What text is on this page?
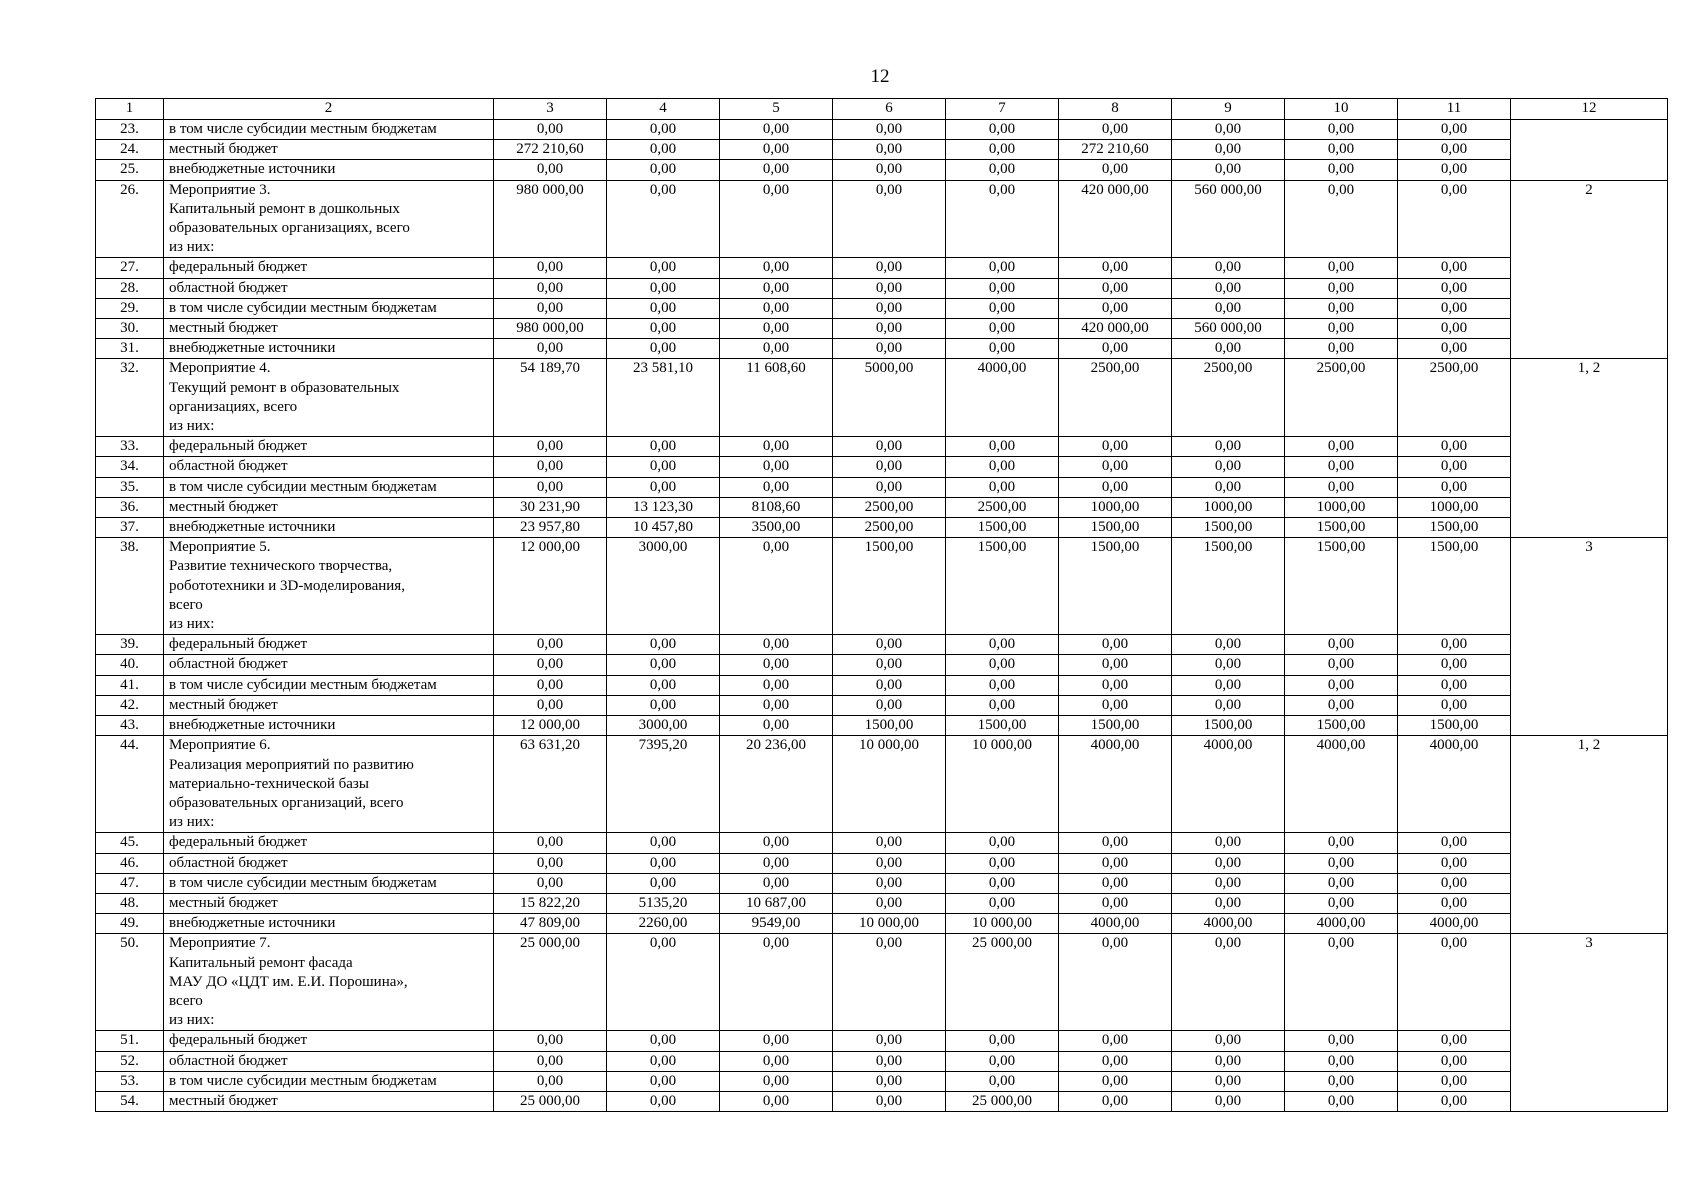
12
1	2	3	4	5	6	7	8	9	10	11	12
23.	в том числе субсидии местным бюджетам	0,00	0,00	0,00	0,00	0,00	0,00	0,00	0,00	0,00	
24.	местный бюджет	272 210,60	0,00	0,00	0,00	0,00	272 210,60	0,00	0,00	0,00	
25.	внебюджетные источники	0,00	0,00	0,00	0,00	0,00	0,00	0,00	0,00	0,00	
26.	Мероприятие 3.
Капитальный ремонт в дошкольных
образовательных организациях, всего
из них:	980 000,00	0,00	0,00	0,00	0,00	420 000,00	560 000,00	0,00	0,00	2
27.	федеральный бюджет	0,00	0,00	0,00	0,00	0,00	0,00	0,00	0,00	0,00	
28.	областной бюджет	0,00	0,00	0,00	0,00	0,00	0,00	0,00	0,00	0,00	
29.	в том числе субсидии местным бюджетам	0,00	0,00	0,00	0,00	0,00	0,00	0,00	0,00	0,00	
30.	местный бюджет	980 000,00	0,00	0,00	0,00	0,00	420 000,00	560 000,00	0,00	0,00	
31.	внебюджетные источники	0,00	0,00	0,00	0,00	0,00	0,00	0,00	0,00	0,00	
32.	Мероприятие 4.
Текущий ремонт в образовательных
организациях, всего
из них:	54 189,70	23 581,10	11 608,60	5000,00	4000,00	2500,00	2500,00	2500,00	2500,00	1, 2
33.	федеральный бюджет	0,00	0,00	0,00	0,00	0,00	0,00	0,00	0,00	0,00	
34.	областной бюджет	0,00	0,00	0,00	0,00	0,00	0,00	0,00	0,00	0,00	
35.	в том числе субсидии местным бюджетам	0,00	0,00	0,00	0,00	0,00	0,00	0,00	0,00	0,00	
36.	местный бюджет	30 231,90	13 123,30	8108,60	2500,00	2500,00	1000,00	1000,00	1000,00	1000,00	
37.	внебюджетные источники	23 957,80	10 457,80	3500,00	2500,00	1500,00	1500,00	1500,00	1500,00	1500,00	
38.	Мероприятие 5.
Развитие технического творчества,
робототехники и 3D-моделирования,
всего
из них:	12 000,00	3000,00	0,00	1500,00	1500,00	1500,00	1500,00	1500,00	1500,00	3
39.	федеральный бюджет	0,00	0,00	0,00	0,00	0,00	0,00	0,00	0,00	0,00	
40.	областной бюджет	0,00	0,00	0,00	0,00	0,00	0,00	0,00	0,00	0,00	
41.	в том числе субсидии местным бюджетам	0,00	0,00	0,00	0,00	0,00	0,00	0,00	0,00	0,00	
42.	местный бюджет	0,00	0,00	0,00	0,00	0,00	0,00	0,00	0,00	0,00	
43.	внебюджетные источники	12 000,00	3000,00	0,00	1500,00	1500,00	1500,00	1500,00	1500,00	1500,00	
44.	Мероприятие 6.
Реализация мероприятий по развитию
материально-технической базы
образовательных организаций, всего
из них:	63 631,20	7395,20	20 236,00	10 000,00	10 000,00	4000,00	4000,00	4000,00	4000,00	1, 2
45.	федеральный бюджет	0,00	0,00	0,00	0,00	0,00	0,00	0,00	0,00	0,00	
46.	областной бюджет	0,00	0,00	0,00	0,00	0,00	0,00	0,00	0,00	0,00	
47.	в том числе субсидии местным бюджетам	0,00	0,00	0,00	0,00	0,00	0,00	0,00	0,00	0,00	
48.	местный бюджет	15 822,20	5135,20	10 687,00	0,00	0,00	0,00	0,00	0,00	0,00	
49.	внебюджетные источники	47 809,00	2260,00	9549,00	10 000,00	10 000,00	4000,00	4000,00	4000,00	4000,00	
50.	Мероприятие 7.
Капитальный ремонт фасада
МАУ ДО «ЦДТ им. Е.И. Порошина»,
всего
из них:	25 000,00	0,00	0,00	0,00	25 000,00	0,00	0,00	0,00	0,00	3
51.	федеральный бюджет	0,00	0,00	0,00	0,00	0,00	0,00	0,00	0,00	0,00	
52.	областной бюджет	0,00	0,00	0,00	0,00	0,00	0,00	0,00	0,00	0,00	
53.	в том числе субсидии местным бюджетам	0,00	0,00	0,00	0,00	0,00	0,00	0,00	0,00	0,00	
54.	местный бюджет	25 000,00	0,00	0,00	0,00	25 000,00	0,00	0,00	0,00	0,00	
